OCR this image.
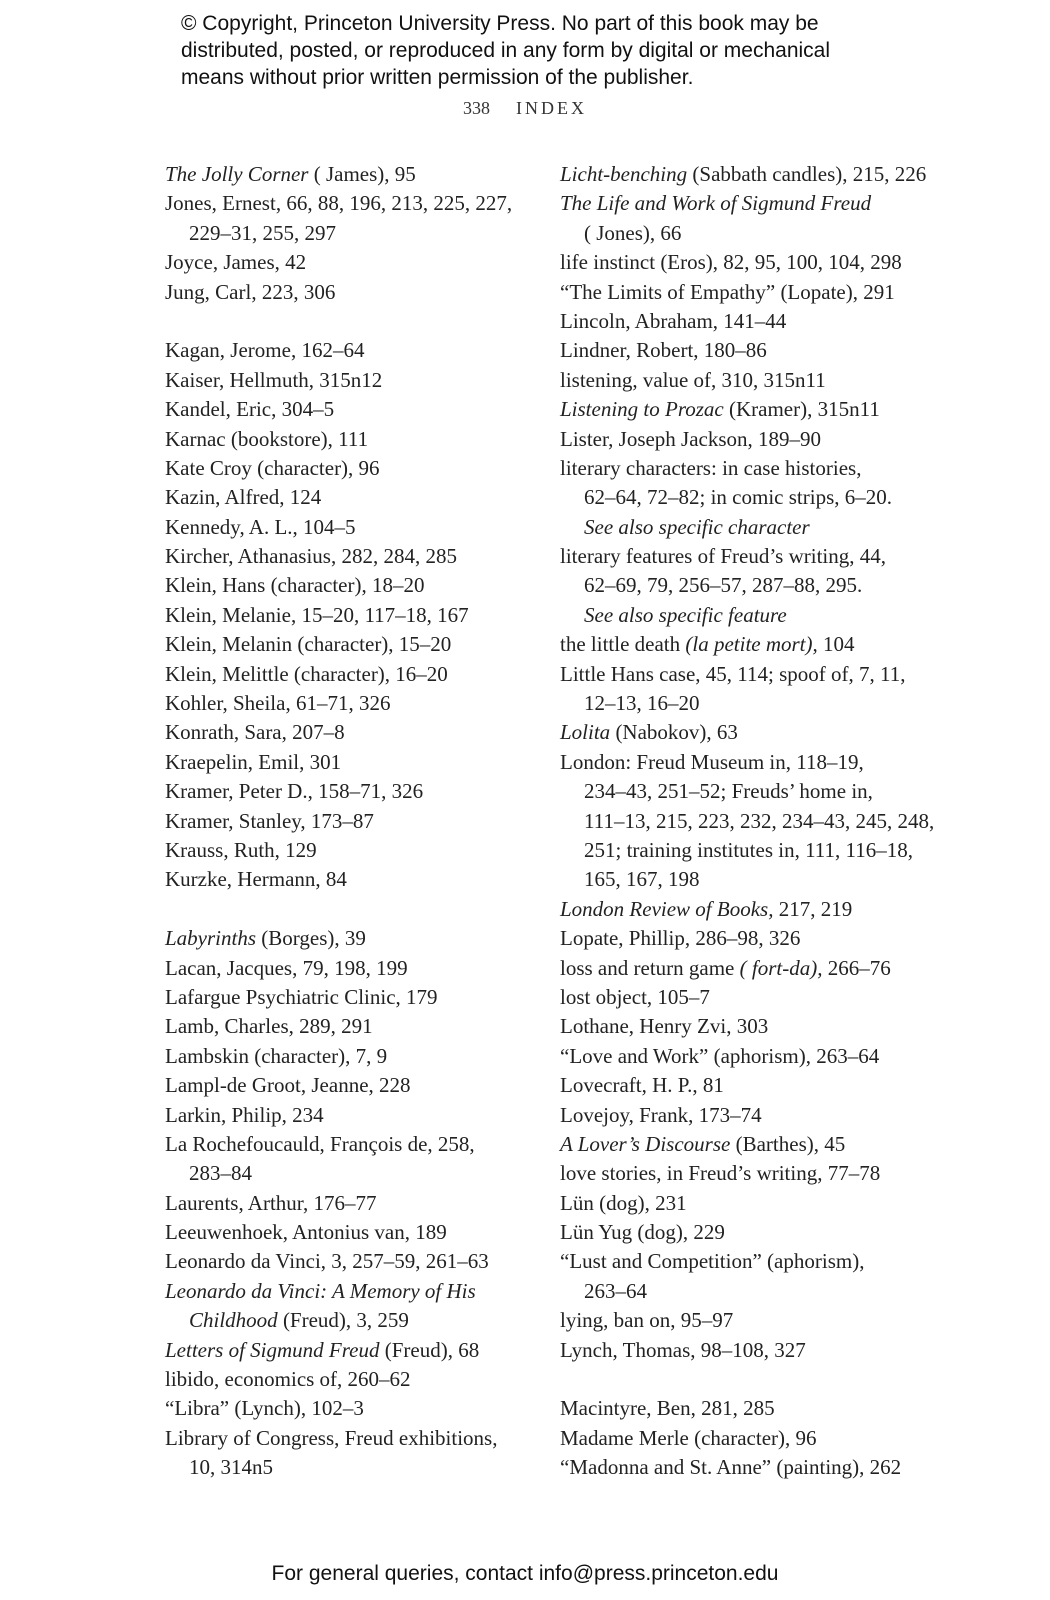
© Copyright, Princeton University Press. No part of this book may be
distributed, posted, or reproduced in any form by digital or mechanical
means without prior written permission of the publisher.
338 INDEX
The Jolly Corner ( James), 95
Jones, Ernest, 66, 88, 196, 213, 225, 227,
229–31, 255, 297
Joyce, James, 42
Jung, Carl, 223, 306
Kagan, Jerome, 162–64
Kaiser, Hellmuth, 315n12
Kandel, Eric, 304–5
Karnac (bookstore), 111
Kate Croy (character), 96
Kazin, Alfred, 124
Kennedy, A. L., 104–5
Kircher, Athanasius, 282, 284, 285
Klein, Hans (character), 18–20
Klein, Melanie, 15–20, 117–18, 167
Klein, Melanin (character), 15–20
Klein, Melittle (character), 16–20
Kohler, Sheila, 61–71, 326
Konrath, Sara, 207–8
Kraepelin, Emil, 301
Kramer, Peter D., 158–71, 326
Kramer, Stanley, 173–87
Krauss, Ruth, 129
Kurzke, Hermann, 84
Labyrinths (Borges), 39
Lacan, Jacques, 79, 198, 199
Lafargue Psychiatric Clinic, 179
Lamb, Charles, 289, 291
Lambskin (character), 7, 9
Lampl-de Groot, Jeanne, 228
Larkin, Philip, 234
La Rochefoucauld, François de, 258,
283–84
Laurents, Arthur, 176–77
Leeuwenhoek, Antonius van, 189
Leonardo da Vinci, 3, 257–59, 261–63
Leonardo da Vinci: A Memory of His
Childhood (Freud), 3, 259
Letters of Sigmund Freud (Freud), 68
libido, economics of, 260–62
“Libra” (Lynch), 102–3
Library of Congress, Freud exhibitions,
10, 314n5
Licht-benching (Sabbath candles), 215, 226
The Life and Work of Sigmund Freud
( Jones), 66
life instinct (Eros), 82, 95, 100, 104, 298
“The Limits of Empathy” (Lopate), 291
Lincoln, Abraham, 141–44
Lindner, Robert, 180–86
listening, value of, 310, 315n11
Listening to Prozac (Kramer), 315n11
Lister, Joseph Jackson, 189–90
literary characters: in case histories,
62–64, 72–82; in comic strips, 6–20.
See also specific character
literary features of Freud’s writing, 44,
62–69, 79, 256–57, 287–88, 295.
See also specific feature
the little death (la petite mort), 104
Little Hans case, 45, 114; spoof of, 7, 11,
12–13, 16–20
Lolita (Nabokov), 63
London: Freud Museum in, 118–19,
234–43, 251–52; Freuds’ home in,
111–13, 215, 223, 232, 234–43, 245, 248,
251; training institutes in, 111, 116–18,
165, 167, 198
London Review of Books, 217, 219
Lopate, Phillip, 286–98, 326
loss and return game ( fort-da), 266–76
lost object, 105–7
Lothane, Henry Zvi, 303
“Love and Work” (aphorism), 263–64
Lovecraft, H. P., 81
Lovejoy, Frank, 173–74
A Lover’s Discourse (Barthes), 45
love stories, in Freud’s writing, 77–78
Lün (dog), 231
Lün Yug (dog), 229
“Lust and Competition” (aphorism),
263–64
lying, ban on, 95–97
Lynch, Thomas, 98–108, 327
Macintyre, Ben, 281, 285
Madame Merle (character), 96
“Madonna and St. Anne” (painting), 262
For general queries, contact info@press.princeton.edu
